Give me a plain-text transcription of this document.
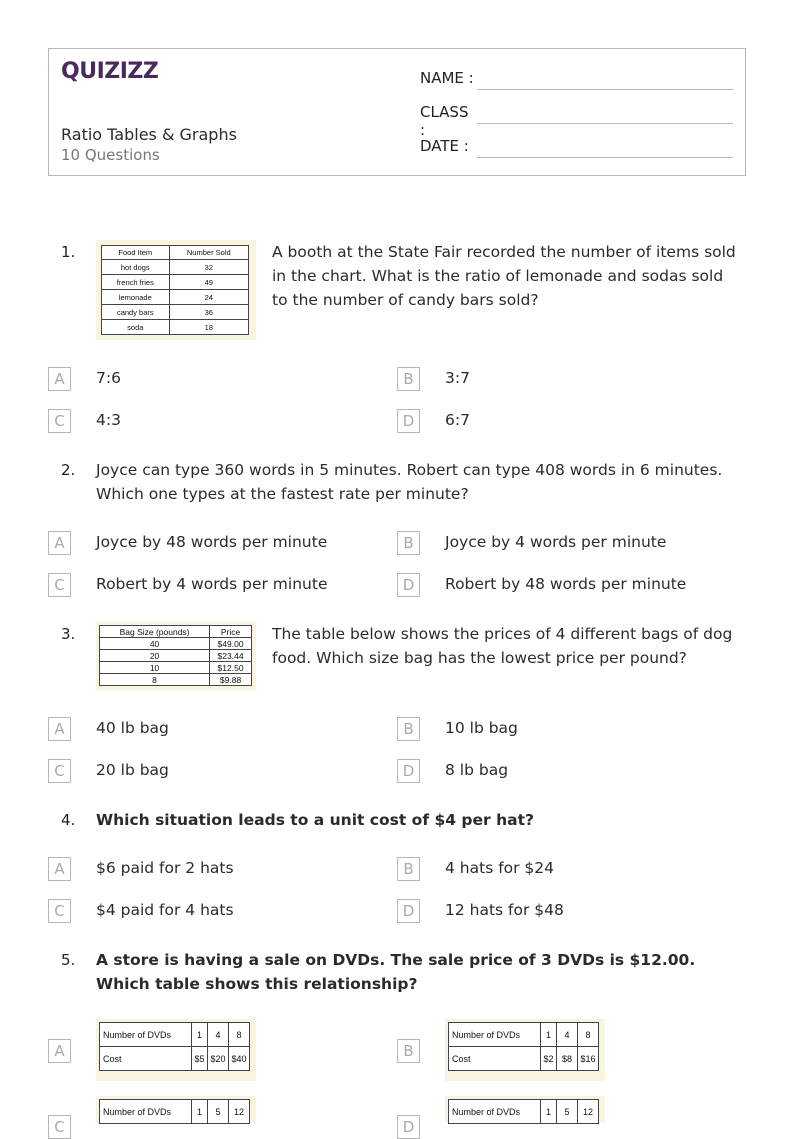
QUIZIZZ
Ratio Tables & Graphs
10 Questions
NAME :
CLASS :
DATE :
1.	Food Item	Number Sold
hot dogs	32
french fries	49
lemonade	24
candy bars	36
soda	18
A booth at the State Fair recorded the number of items sold in the chart. What is the ratio of lemonade and sodas sold to the number of candy bars sold?
A	7:6	B	3:7
C	4:3	D	6:7
2. Joyce can type 360 words in 5 minutes. Robert can type 408 words in 6 minutes. Which one types at the fastest rate per minute?
A	Joyce by 48 words per minute	B	Joyce by 4 words per minute
C	Robert by 4 words per minute	D	Robert by 48 words per minute
3.	Bag Size (pounds)	Price
40	$49.00
20	$23.44
10	$12.50
8	$9.88
The table below shows the prices of 4 different bags of dog food. Which size bag has the lowest price per pound?
A	40 lb bag	B	10 lb bag
C	20 lb bag	D	8 lb bag
4. Which situation leads to a unit cost of $4 per hat?
A	$6 paid for 2 hats	B	4 hats for $24
C	$4 paid for 4 hats	D	12 hats for $48
5. A store is having a sale on DVDs. The sale price of 3 DVDs is $12.00. Which table shows this relationship?
A
Number of DVDs	1	4	8
Cost	$5	$20	$40	B
Number of DVDs	1	4	8
Cost	$2	$8	$16
C
Number of DVDs	1	5	12
D
Number of DVDs	1	5	12
